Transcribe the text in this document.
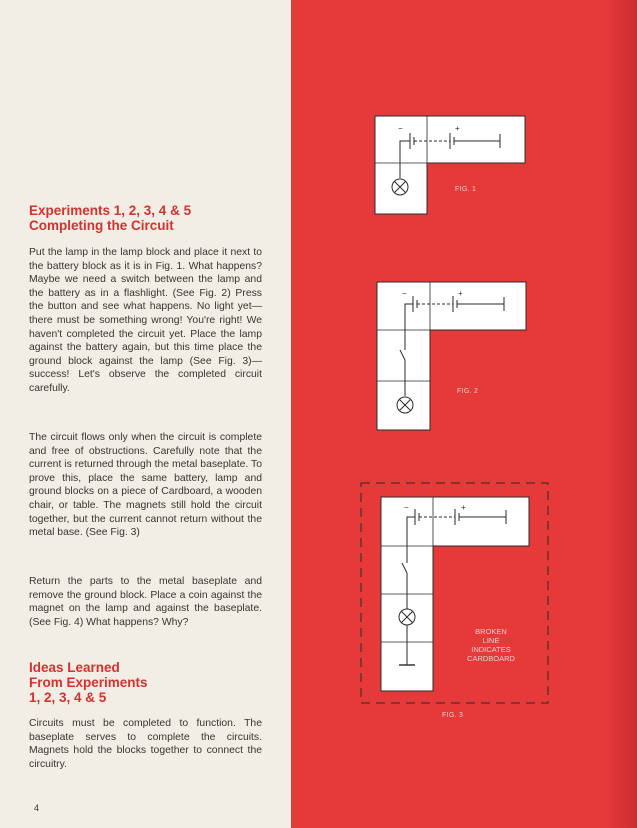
Experiments 1, 2, 3, 4 & 5
Completing the Circuit

Put the lamp in the lamp block and place it next to the battery block as it is in Fig. 1. What happens? Maybe we need a switch between the lamp and the battery as in a flashlight. (See Fig. 2) Press the button and see what happens. No light yet—there must be something wrong! You're right! We haven't completed the circuit yet. Place the lamp against the battery again, but this time place the ground block against the lamp (See Fig. 3)—success! Let's observe the completed circuit carefully.

The circuit flows only when the circuit is complete and free of obstructions. Carefully note that the current is returned through the metal baseplate. To prove this, place the same battery, lamp and ground blocks on a piece of Cardboard, a wooden chair, or table. The magnets still hold the circuit together, but the current cannot return without the metal base. (See Fig. 3)

Return the parts to the metal baseplate and remove the ground block. Place a coin against the magnet on the lamp and against the baseplate. (See Fig. 4) What happens? Why?

Ideas Learned
From Experiments
1, 2, 3, 4 & 5

Circuits must be completed to function. The baseplate serves to complete the circuits. Magnets hold the blocks together to connect the circuitry.

4
−	+
FIG. 1
−	+
FIG. 2
−	+
BROKEN
LINE
INDICATES
CARDBOARD
FIG. 3
